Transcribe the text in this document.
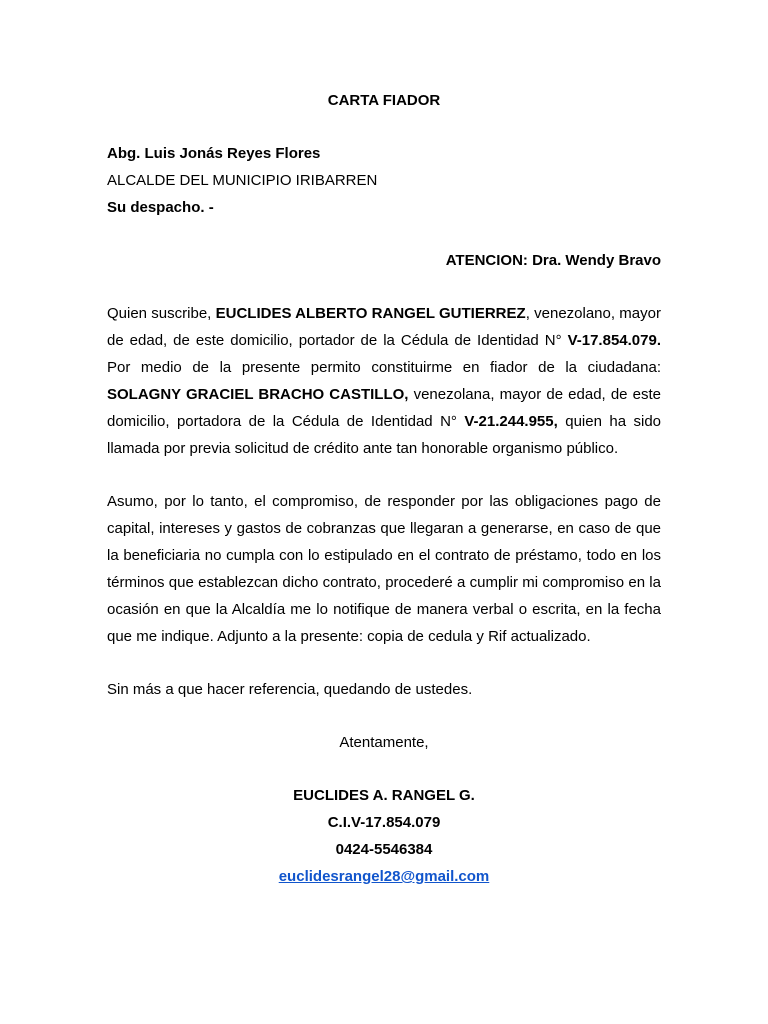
CARTA FIADOR

Abg. Luis Jonás Reyes Flores

ALCALDE DEL MUNICIPIO IRIBARREN

Su despacho. -

ATENCION: Dra. Wendy Bravo

Quien suscribe, EUCLIDES ALBERTO RANGEL GUTIERREZ, venezolano, mayor de edad, de este domicilio, portador de la Cédula de Identidad N° V-17.854.079. Por medio de la presente permito constituirme en fiador de la ciudadana: SOLAGNY GRACIEL BRACHO CASTILLO, venezolana, mayor de edad, de este domicilio, portadora de la Cédula de Identidad N° V-21.244.955, quien ha sido llamada por previa solicitud de crédito ante tan honorable organismo público.

Asumo, por lo tanto, el compromiso, de responder por las obligaciones pago de capital, intereses y gastos de cobranzas que llegaran a generarse, en caso de que la beneficiaria no cumpla con lo estipulado en el contrato de préstamo, todo en los términos que establezcan dicho contrato, procederé a cumplir mi compromiso en la ocasión en que la Alcaldía me lo notifique de manera verbal o escrita, en la fecha que me indique. Adjunto a la presente: copia de cedula y Rif actualizado.

Sin más a que hacer referencia, quedando de ustedes.

Atentamente,

EUCLIDES A. RANGEL G.

C.I.V-17.854.079

0424-5546384

euclidesrangel28@gmail.com
